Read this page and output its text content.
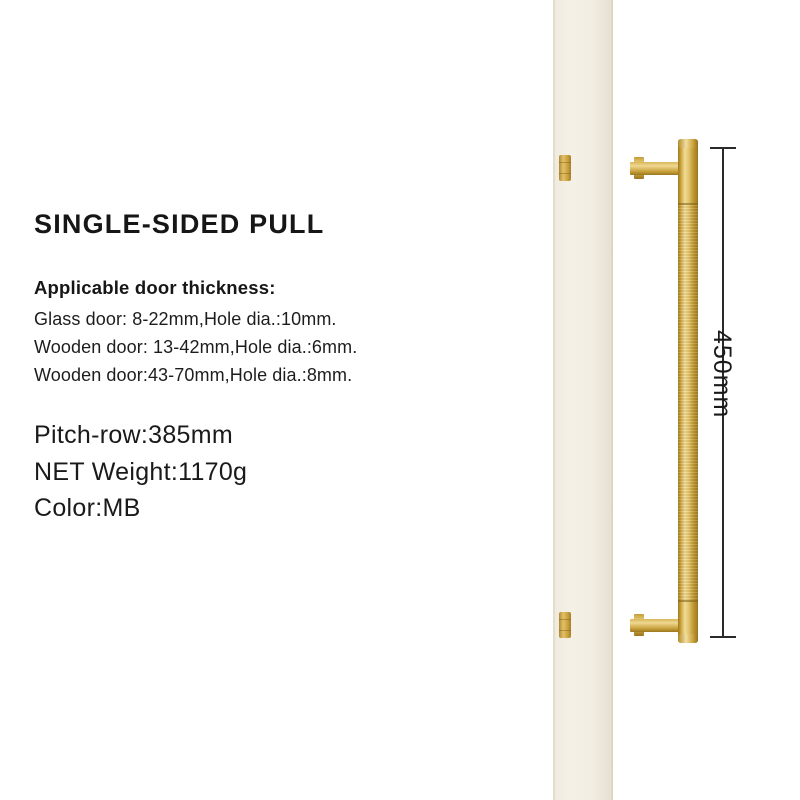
450mm
SINGLE-SIDED PULL
Applicable door thickness:
Glass door: 8-22mm,Hole dia.:10mm.
Wooden door: 13-42mm,Hole dia.:6mm.
Wooden door:43-70mm,Hole dia.:8mm.
Pitch-row:385mm
NET Weight:1170g
Color:MB
